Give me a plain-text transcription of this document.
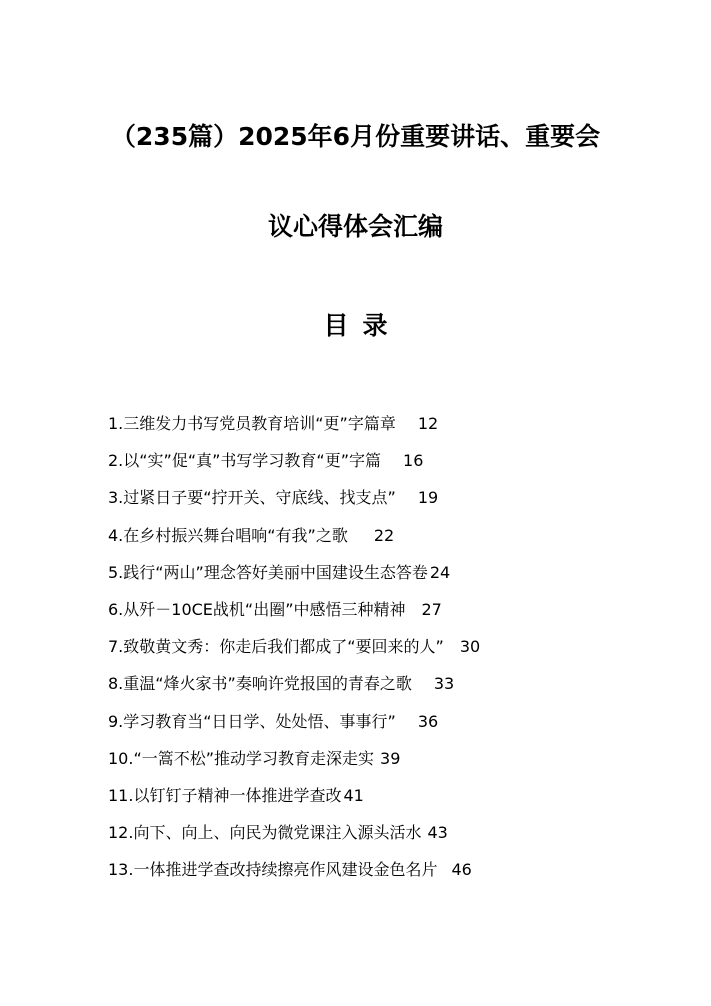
（235篇）2025年6月份重要讲话、重要会
议心得体会汇编
目录
1.三维发力书写党员教育培训“更”字篇章 12
2.以“实”促“真”书写学习教育“更”字篇 16
3.过紧日子要“拧开关、守底线、找支点” 19
4.在乡村振兴舞台唱响“有我”之歌 22
5.践行“两山”理念答好美丽中国建设生态答卷 24
6.从歼－10CE战机“出圈”中感悟三种精神 27
7.致敬黄文秀：你走后我们都成了“要回来的人” 30
8.重温“烽火家书”奏响许党报国的青春之歌 33
9.学习教育当“日日学、处处悟、事事行” 36
10.“一篙不松”推动学习教育走深走实 39
11.以钉钉子精神一体推进学查改 41
12.向下、向上、向民为微党课注入源头活水 43
13.一体推进学查改持续擦亮作风建设金色名片 46
